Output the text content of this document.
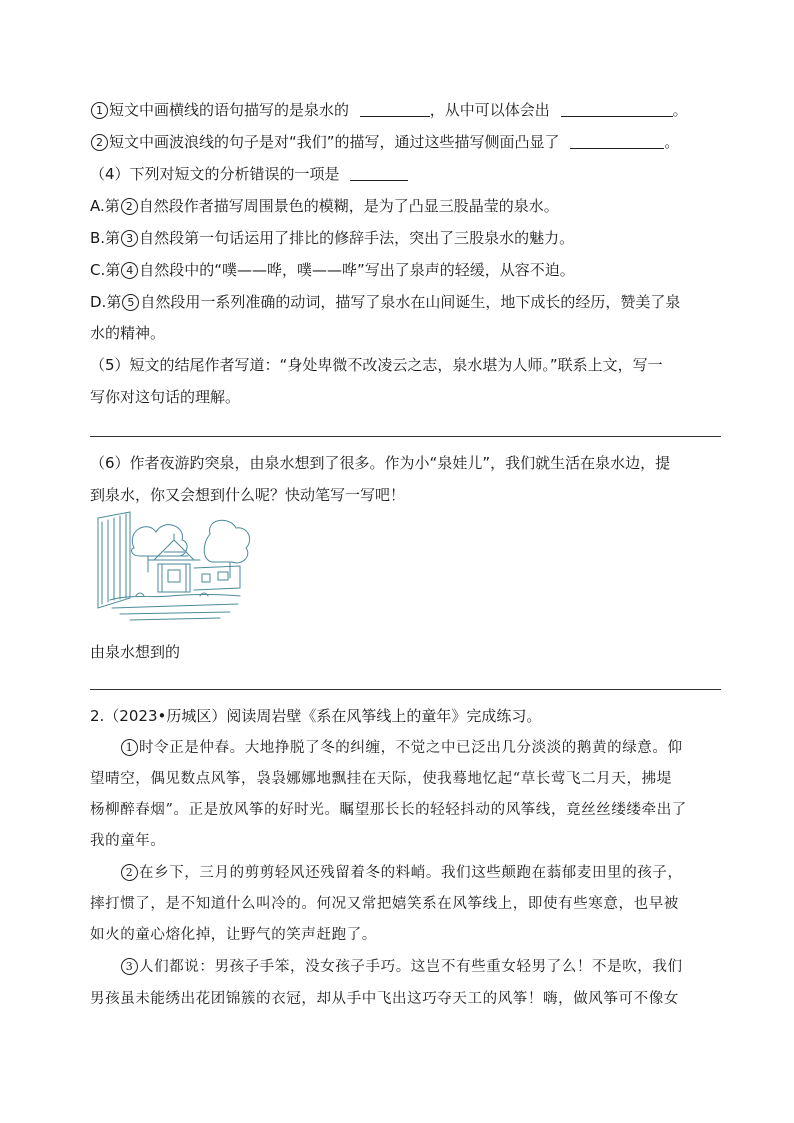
1 短文中画横线的语句描写的是泉水的	，从中可以体会出	。
2 短文中画波浪线的句子是对“我们”的描写，通过这些描写侧面凸显了	。
（4）下列对短文的分析错误的一项是
A.第 2 自然段作者描写周围景色的模糊，是为了凸显三股晶莹的泉水。
B.第 3 自然段第一句话运用了排比的修辞手法，突出了三股泉水的魅力。
C.第 4 自然段中的“噗——哗，噗——哗”写出了泉声的轻缓，从容不迫。
D.第 5 自然段用一系列准确的动词，描写了泉水在山间诞生，地下成长的经历，赞美了泉
水的精神。
（5）短文的结尾作者写道：“身处卑微不改凌云之志，泉水堪为人师。”联系上文，写一
写你对这句话的理解。
（6）作者夜游趵突泉，由泉水想到了很多。作为小“泉娃儿”，我们就生活在泉水边，提
到泉水，你又会想到什么呢？快动笔写一写吧！
由泉水想到的
2.（2023•历城区）阅读周岩壁《系在风筝线上的童年》完成练习。
1 时令正是仲春。大地挣脱了冬的纠缠，不觉之中已泛出几分淡淡的鹅黄的绿意。仰
望晴空，偶见数点风筝，袅袅娜娜地飘挂在天际，使我蓦地忆起“草长莺飞二月天，拂堤
杨柳醉春烟”。正是放风筝的好时光。瞩望那长长的轻轻抖动的风筝线，竟丝丝缕缕牵出了
我的童年。
2 在乡下，三月的剪剪轻风还残留着冬的料峭。我们这些颠跑在蓊郁麦田里的孩子，
摔打惯了，是不知道什么叫冷的。何况又常把嬉笑系在风筝线上，即使有些寒意，也早被
如火的童心熔化掉，让野气的笑声赶跑了。
3 人们都说：男孩子手笨，没女孩子手巧。这岂不有些重女轻男了么！不是吹，我们
男孩虽未能绣出花团锦簇的衣冠，却从手中飞出这巧夺天工的风筝！嗨，做风筝可不像女
